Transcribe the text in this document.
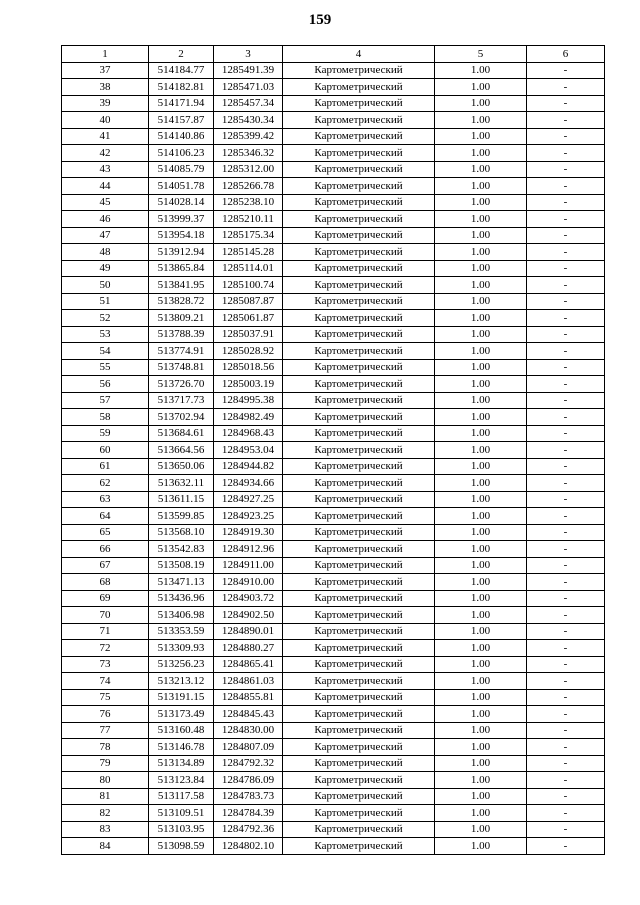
159
1	2	3	4	5	6
37	514184.77	1285491.39	Картометрический	1.00	-
38	514182.81	1285471.03	Картометрический	1.00	-
39	514171.94	1285457.34	Картометрический	1.00	-
40	514157.87	1285430.34	Картометрический	1.00	-
41	514140.86	1285399.42	Картометрический	1.00	-
42	514106.23	1285346.32	Картометрический	1.00	-
43	514085.79	1285312.00	Картометрический	1.00	-
44	514051.78	1285266.78	Картометрический	1.00	-
45	514028.14	1285238.10	Картометрический	1.00	-
46	513999.37	1285210.11	Картометрический	1.00	-
47	513954.18	1285175.34	Картометрический	1.00	-
48	513912.94	1285145.28	Картометрический	1.00	-
49	513865.84	1285114.01	Картометрический	1.00	-
50	513841.95	1285100.74	Картометрический	1.00	-
51	513828.72	1285087.87	Картометрический	1.00	-
52	513809.21	1285061.87	Картометрический	1.00	-
53	513788.39	1285037.91	Картометрический	1.00	-
54	513774.91	1285028.92	Картометрический	1.00	-
55	513748.81	1285018.56	Картометрический	1.00	-
56	513726.70	1285003.19	Картометрический	1.00	-
57	513717.73	1284995.38	Картометрический	1.00	-
58	513702.94	1284982.49	Картометрический	1.00	-
59	513684.61	1284968.43	Картометрический	1.00	-
60	513664.56	1284953.04	Картометрический	1.00	-
61	513650.06	1284944.82	Картометрический	1.00	-
62	513632.11	1284934.66	Картометрический	1.00	-
63	513611.15	1284927.25	Картометрический	1.00	-
64	513599.85	1284923.25	Картометрический	1.00	-
65	513568.10	1284919.30	Картометрический	1.00	-
66	513542.83	1284912.96	Картометрический	1.00	-
67	513508.19	1284911.00	Картометрический	1.00	-
68	513471.13	1284910.00	Картометрический	1.00	-
69	513436.96	1284903.72	Картометрический	1.00	-
70	513406.98	1284902.50	Картометрический	1.00	-
71	513353.59	1284890.01	Картометрический	1.00	-
72	513309.93	1284880.27	Картометрический	1.00	-
73	513256.23	1284865.41	Картометрический	1.00	-
74	513213.12	1284861.03	Картометрический	1.00	-
75	513191.15	1284855.81	Картометрический	1.00	-
76	513173.49	1284845.43	Картометрический	1.00	-
77	513160.48	1284830.00	Картометрический	1.00	-
78	513146.78	1284807.09	Картометрический	1.00	-
79	513134.89	1284792.32	Картометрический	1.00	-
80	513123.84	1284786.09	Картометрический	1.00	-
81	513117.58	1284783.73	Картометрический	1.00	-
82	513109.51	1284784.39	Картометрический	1.00	-
83	513103.95	1284792.36	Картометрический	1.00	-
84	513098.59	1284802.10	Картометрический	1.00	-
